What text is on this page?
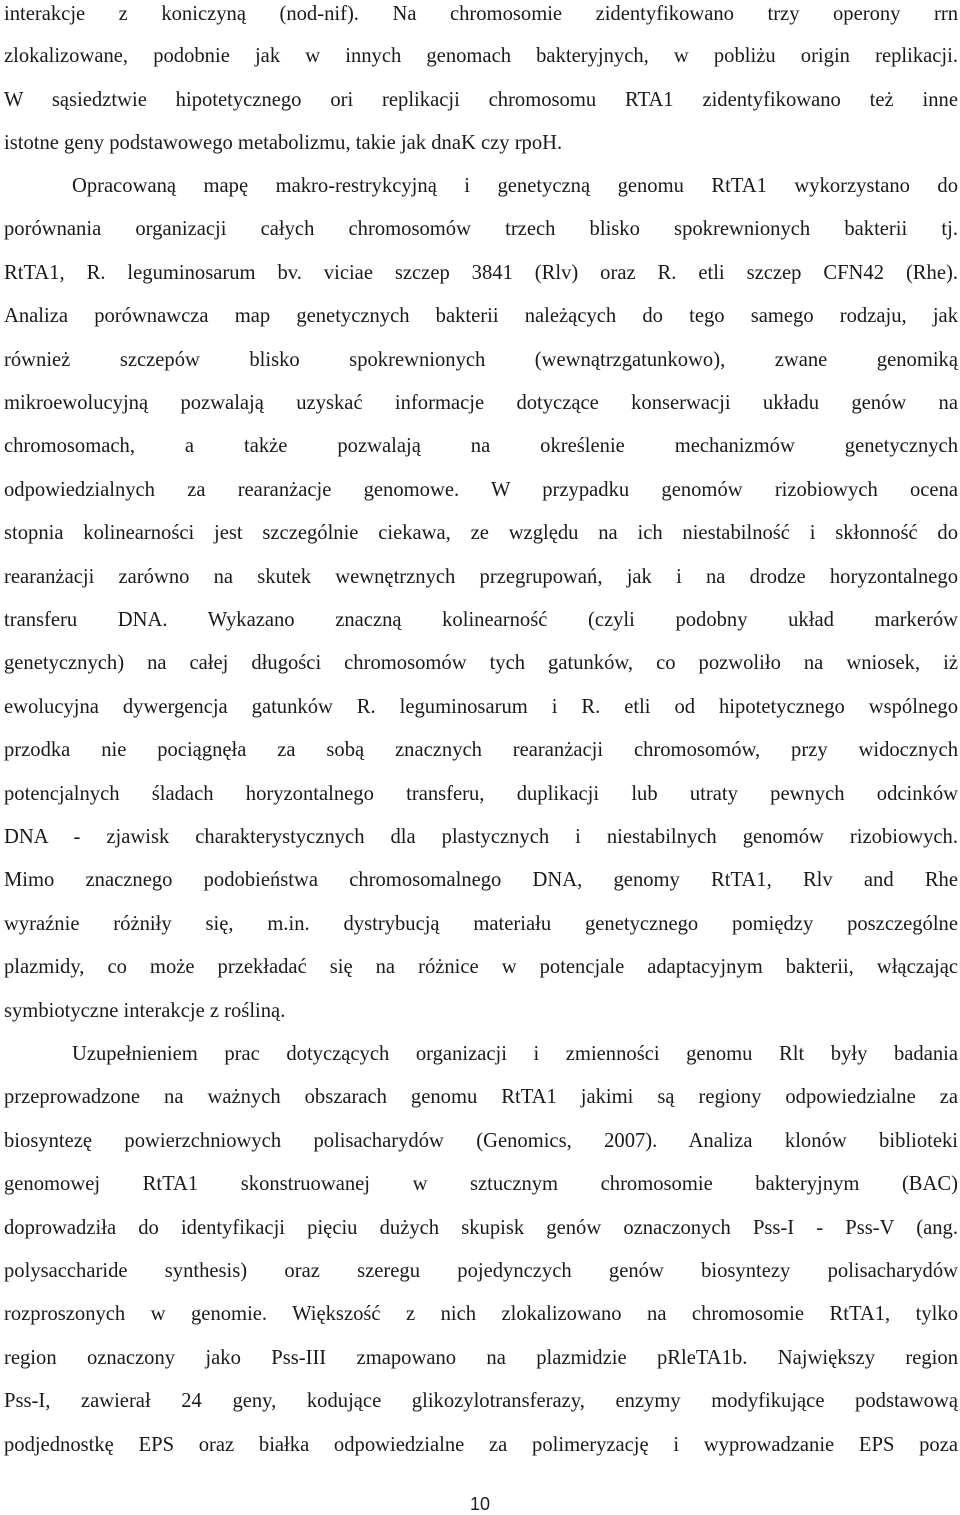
interakcje z koniczyną (nod-nif). Na chromosomie zidentyfikowano trzy operony rrn
zlokalizowane, podobnie jak w innych genomach bakteryjnych, w pobliżu origin replikacji.
W sąsiedztwie hipotetycznego ori replikacji chromosomu RTA1 zidentyfikowano też inne
istotne geny podstawowego metabolizmu, takie jak dnaK czy rpoH.
Opracowaną mapę makro-restrykcyjną i genetyczną genomu RtTA1 wykorzystano do
porównania organizacji całych chromosomów trzech blisko spokrewnionych bakterii tj.
RtTA1, R. leguminosarum bv. viciae szczep 3841 (Rlv) oraz R. etli szczep CFN42 (Rhe).
Analiza porównawcza map genetycznych bakterii należących do tego samego rodzaju, jak
również szczepów blisko spokrewnionych (wewnątrzgatunkowo), zwane genomiką
mikroewolucyjną pozwalają uzyskać informacje dotyczące konserwacji układu genów na
chromosomach, a także pozwalają na określenie mechanizmów genetycznych
odpowiedzialnych za rearanżacje genomowe. W przypadku genomów rizobiowych ocena
stopnia kolinearności jest szczególnie ciekawa, ze względu na ich niestabilność i skłonność do
rearanżacji zarówno na skutek wewnętrznych przegrupowań, jak i na drodze horyzontalnego
transferu DNA. Wykazano znaczną kolinearność (czyli podobny układ markerów
genetycznych) na całej długości chromosomów tych gatunków, co pozwoliło na wniosek, iż
ewolucyjna dywergencja gatunków R. leguminosarum i R. etli od hipotetycznego wspólnego
przodka nie pociągnęła za sobą znacznych rearanżacji chromosomów, przy widocznych
potencjalnych śladach horyzontalnego transferu, duplikacji lub utraty pewnych odcinków
DNA - zjawisk charakterystycznych dla plastycznych i niestabilnych genomów rizobiowych.
Mimo znacznego podobieństwa chromosomalnego DNA, genomy RtTA1, Rlv and Rhe
wyraźnie różniły się, m.in. dystrybucją materiału genetycznego pomiędzy poszczególne
plazmidy, co może przekładać się na różnice w potencjale adaptacyjnym bakterii, włączając
symbiotyczne interakcje z rośliną.
Uzupełnieniem prac dotyczących organizacji i zmienności genomu Rlt były badania
przeprowadzone na ważnych obszarach genomu RtTA1 jakimi są regiony odpowiedzialne za
biosyntezę powierzchniowych polisacharydów (Genomics, 2007). Analiza klonów biblioteki
genomowej RtTA1 skonstruowanej w sztucznym chromosomie bakteryjnym (BAC)
doprowadziła do identyfikacji pięciu dużych skupisk genów oznaczonych Pss-I - Pss-V (ang.
polysaccharide synthesis) oraz szeregu pojedynczych genów biosyntezy polisacharydów
rozproszonych w genomie. Większość z nich zlokalizowano na chromosomie RtTA1, tylko
region oznaczony jako Pss-III zmapowano na plazmidzie pRleTA1b. Największy region
Pss-I, zawierał 24 geny, kodujące glikozylotransferazy, enzymy modyfikujące podstawową
podjednostkę EPS oraz białka odpowiedzialne za polimeryzację i wyprowadzanie EPS poza
10
